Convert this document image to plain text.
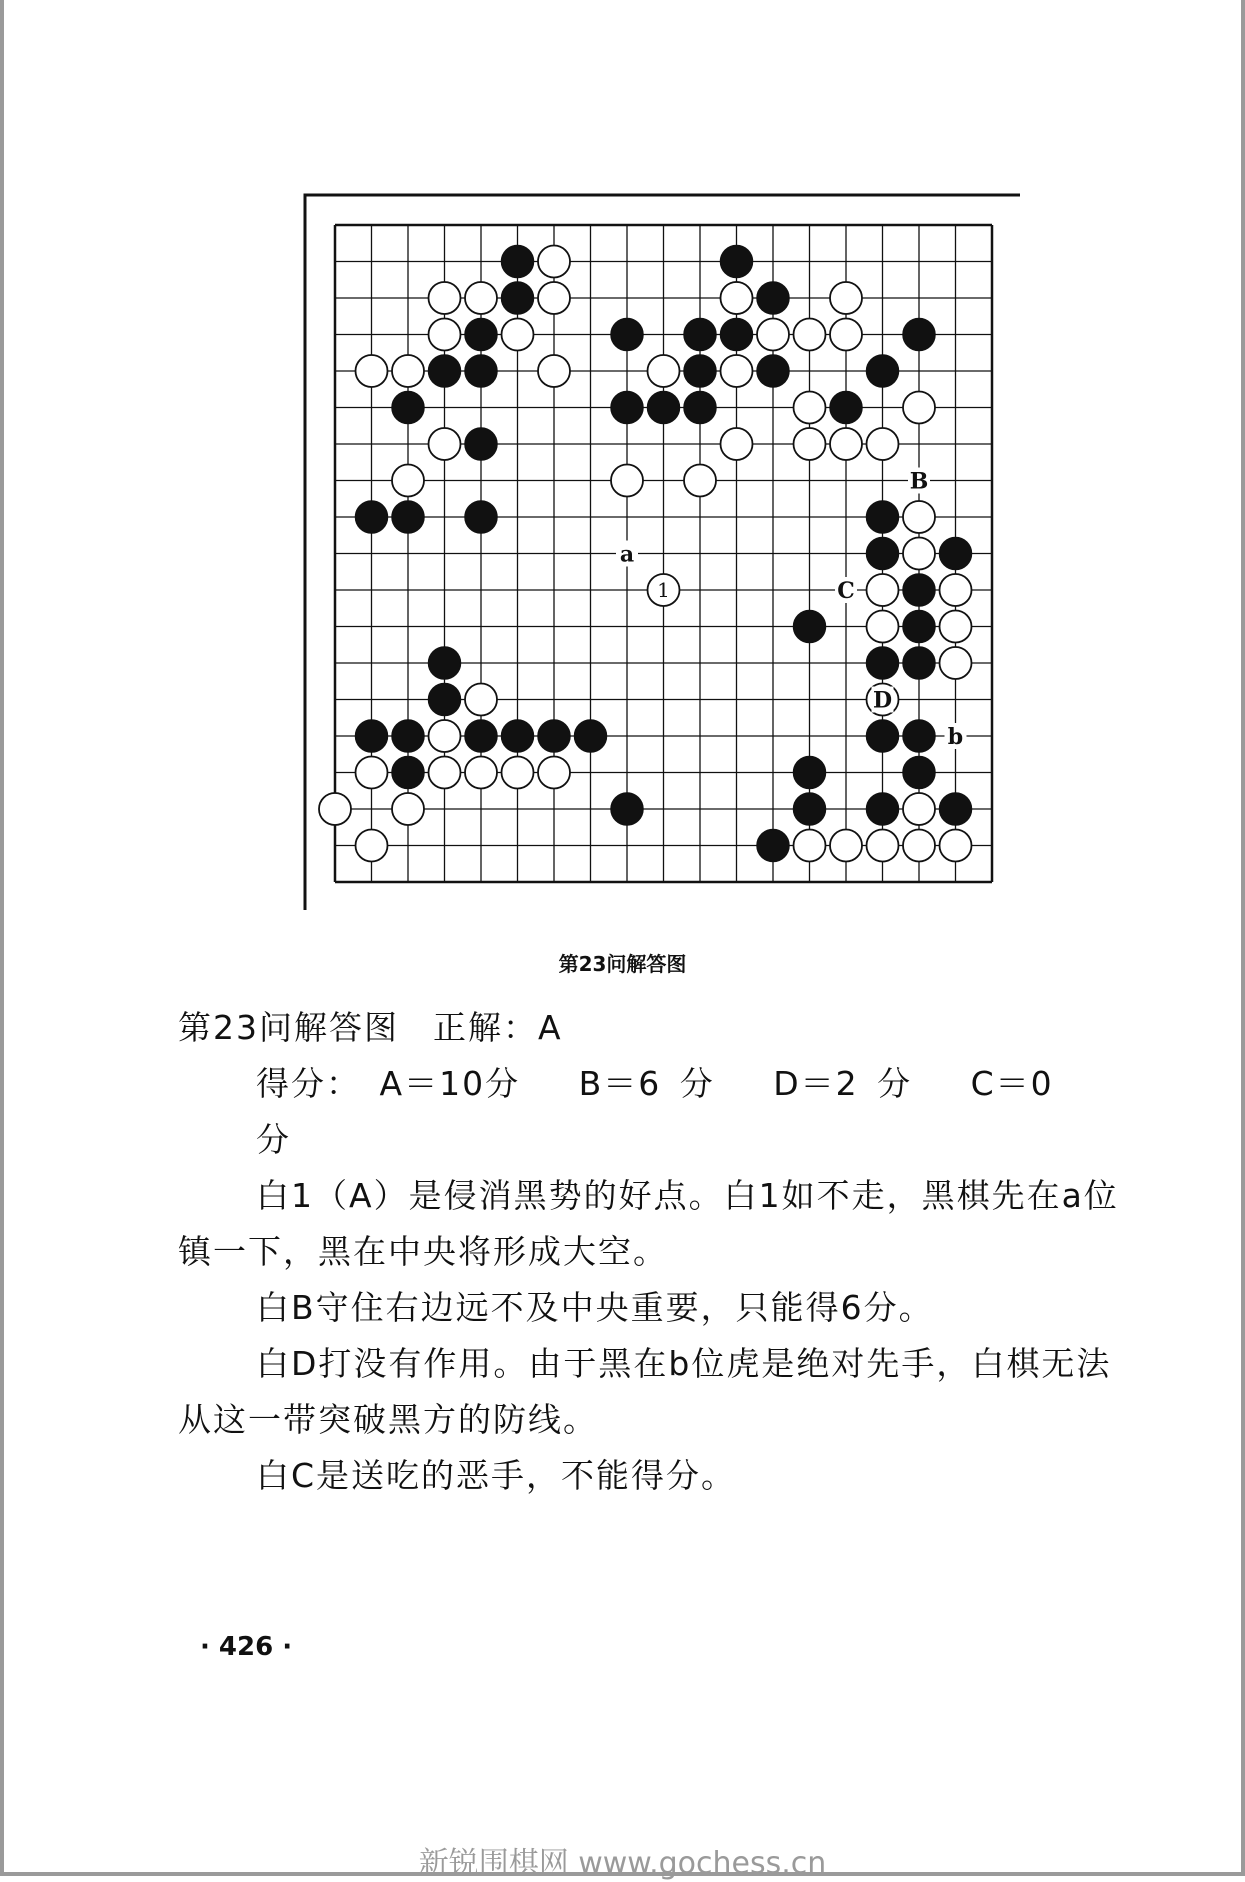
1
B
a
C
D
b
第23问解答图

第23问解答图 正解：A

得分： A＝10分 B＝6 分 D＝2 分 C＝0 分

白1（A）是侵消黑势的好点。白1如不走，黑棋先在a位镇一下，黑在中央将形成大空。

白B守住右边远不及中央重要，只能得6分。

白D打没有作用。由于黑在b位虎是绝对先手，白棋无法从这一带突破黑方的防线。

白C是送吃的恶手，不能得分。

· 426 ·
新锐围棋网 www.gochess.cn
